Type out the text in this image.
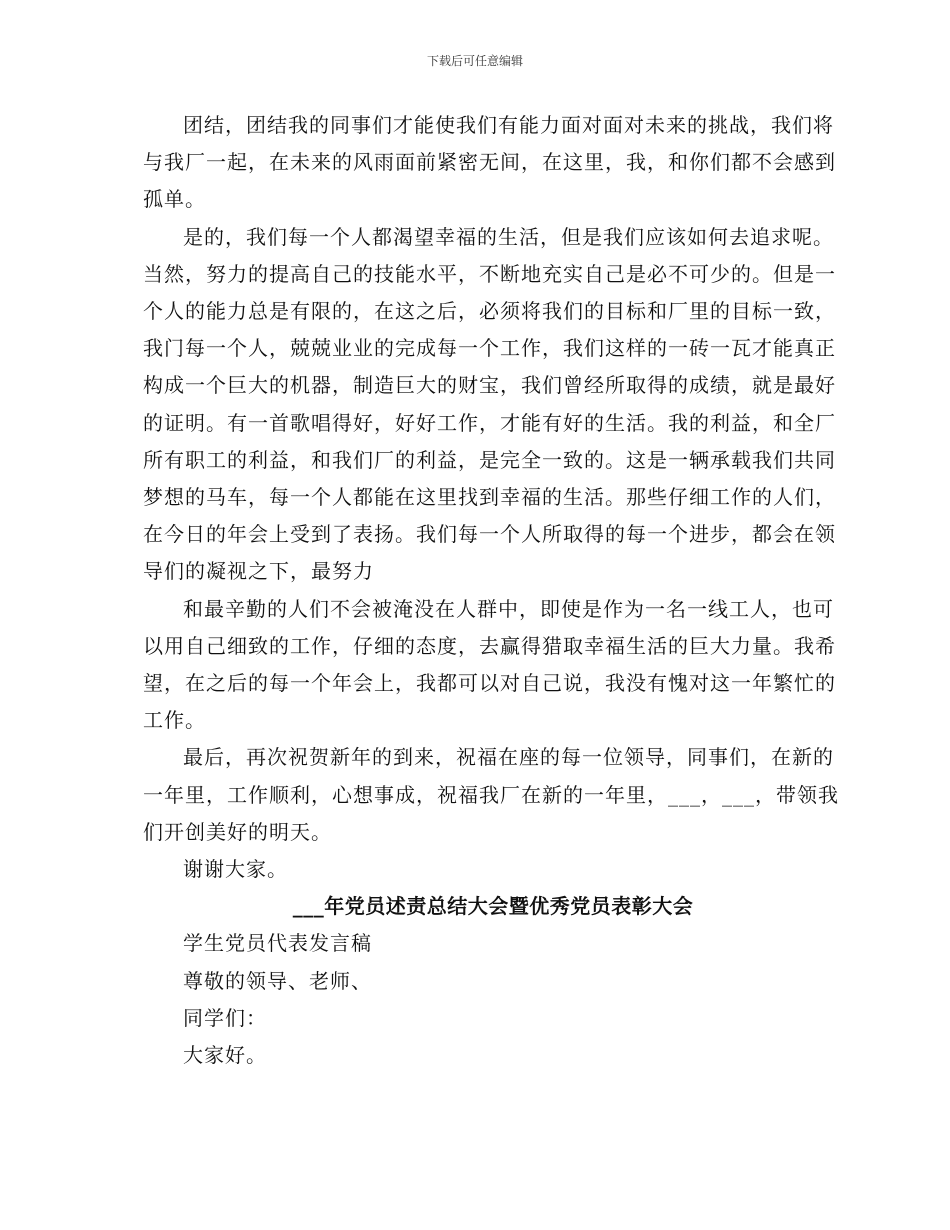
下载后可任意编辑

团结，团结我的同事们才能使我们有能力面对面对未来的挑战，我们将与我厂一起，在未来的风雨面前紧密无间，在这里，我，和你们都不会感到孤单。

是的，我们每一个人都渴望幸福的生活，但是我们应该如何去追求呢。当然，努力的提高自己的技能水平，不断地充实自己是必不可少的。但是一个人的能力总是有限的，在这之后，必须将我们的目标和厂里的目标一致，我门每一个人，兢兢业业的完成每一个工作，我们这样的一砖一瓦才能真正构成一个巨大的机器，制造巨大的财宝，我们曾经所取得的成绩，就是最好的证明。有一首歌唱得好，好好工作，才能有好的生活。我的利益，和全厂所有职工的利益，和我们厂的利益，是完全一致的。这是一辆承载我们共同梦想的马车，每一个人都能在这里找到幸福的生活。那些仔细工作的人们，在今日的年会上受到了表扬。我们每一个人所取得的每一个进步，都会在领导们的凝视之下，最努力

和最辛勤的人们不会被淹没在人群中，即使是作为一名一线工人，也可以用自己细致的工作，仔细的态度，去赢得猎取幸福生活的巨大力量。我希望，在之后的每一个年会上，我都可以对自己说，我没有愧对这一年繁忙的工作。

最后，再次祝贺新年的到来，祝福在座的每一位领导，同事们，在新的一年里，工作顺利，心想事成，祝福我厂在新的一年里，___，___，带领我们开创美好的明天。

谢谢大家。

___年党员述责总结大会暨优秀党员表彰大会

学生党员代表发言稿

尊敬的领导、老师、

同学们：

大家好。
